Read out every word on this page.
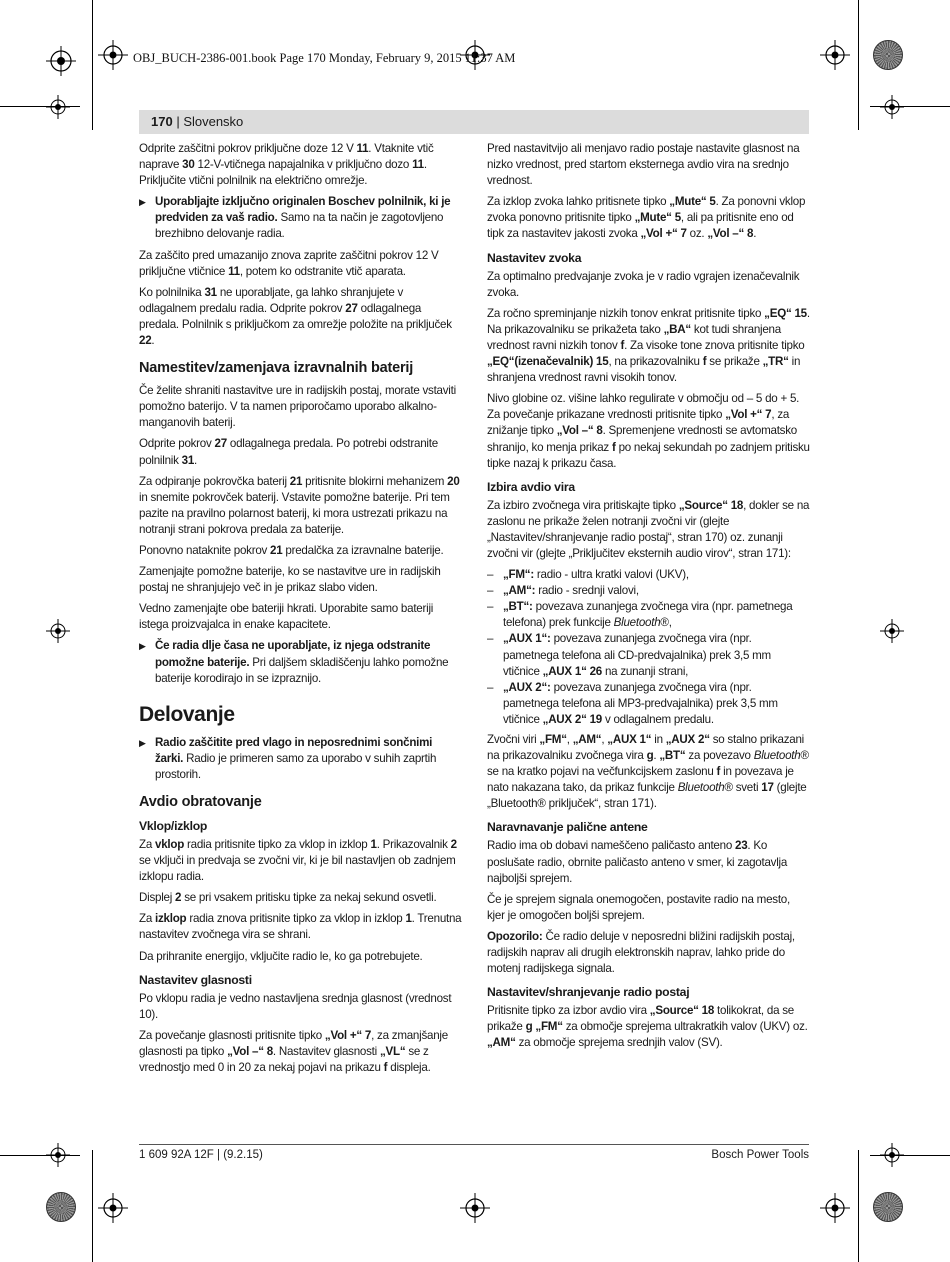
OBJ_BUCH-2386-001.book Page 170 Monday, February 9, 2015 11:37 AM
170 | Slovensko

Odprite zaščitni pokrov priključne doze 12 V 11. Vtaknite vtič naprave 30 12-V-vtičnega napajalnika v priključno dozo 11. Priključite vtični polnilnik na električno omrežje.

▶ Uporabljajte izključno originalen Boschev polnilnik, ki je predviden za vaš radio. Samo na ta način je zagotovljeno brezhibno delovanje radia.

Za zaščito pred umazanijo znova zaprite zaščitni pokrov 12 V priključne vtičnice 11, potem ko odstranite vtič aparata.

Ko polnilnika 31 ne uporabljate, ga lahko shranjujete v odlagalnem predalu radia. Odprite pokrov 27 odlagalnega predala. Polnilnik s priključkom za omrežje položite na priključek 22.

Namestitev/zamenjava izravnalnih baterij

Če želite shraniti nastavitve ure in radijskih postaj, morate vstaviti pomožno baterijo. V ta namen priporočamo uporabo alkalno-manganovih baterij.

Odprite pokrov 27 odlagalnega predala. Po potrebi odstranite polnilnik 31.

Za odpiranje pokrovčka baterij 21 pritisnite blokirni mehanizem 20 in snemite pokrovček baterij. Vstavite pomožne baterije. Pri tem pazite na pravilno polarnost baterij, ki mora ustrezati prikazu na notranji strani pokrova predala za baterije.

Ponovno nataknite pokrov 21 predalčka za izravnalne baterije.

Zamenjajte pomožne baterije, ko se nastavitve ure in radijskih postaj ne shranjujejo več in je prikaz slabo viden.

Vedno zamenjajte obe bateriji hkrati. Uporabite samo bateriji istega proizvajalca in enake kapacitete.

▶ Če radia dlje časa ne uporabljate, iz njega odstranite pomožne baterije. Pri daljšem skladiščenju lahko pomožne baterije korodirajo in se izpraznijo.

Delovanje

▶ Radio zaščitite pred vlago in neposrednimi sončnimi žarki. Radio je primeren samo za uporabo v suhih zaprtih prostorih.

Avdio obratovanje
Vklop/izklop

Za vklop radia pritisnite tipko za vklop in izklop 1. Prikazovalnik 2 se vključi in predvaja se zvočni vir, ki je bil nastavljen ob zadnjem izklopu radia.

Displej 2 se pri vsakem pritisku tipke za nekaj sekund osvetli.

Za izklop radia znova pritisnite tipko za vklop in izklop 1. Trenutna nastavitev zvočnega vira se shrani.

Da prihranite energijo, vključite radio le, ko ga potrebujete.

Nastavitev glasnosti

Po vklopu radia je vedno nastavljena srednja glasnost (vrednost 10).

Za povečanje glasnosti pritisnite tipko „Vol +“ 7, za zmanjšanje glasnosti pa tipko „Vol –“ 8. Nastavitev glasnosti „VL“ se z vrednostjo med 0 in 20 za nekaj pojavi na prikazu f displeja.

Pred nastavitvijo ali menjavo radio postaje nastavite glasnost na nizko vrednost, pred startom eksternega avdio vira na srednjo vrednost.

Za izklop zvoka lahko pritisnete tipko „Mute“ 5. Za ponovni vklop zvoka ponovno pritisnite tipko „Mute“ 5, ali pa pritisnite eno od tipk za nastavitev jakosti zvoka „Vol +“ 7 oz. „Vol –“ 8.

Nastavitev zvoka

Za optimalno predvajanje zvoka je v radio vgrajen izenačevalnik zvoka.

Za ročno spreminjanje nizkih tonov enkrat pritisnite tipko „EQ“ 15. Na prikazovalniku se prikažeta tako „BA“ kot tudi shranjena vrednost ravni nizkih tonov f. Za visoke tone znova pritisnite tipko „EQ“(izenačevalnik) 15, na prikazovalniku f se prikaže „TR“ in shranjena vrednost ravni visokih tonov.

Nivo globine oz. višine lahko regulirate v območju od – 5 do + 5. Za povečanje prikazane vrednosti pritisnite tipko „Vol +“ 7, za znižanje tipko „Vol –“ 8. Spremenjene vrednosti se avtomatsko shranijo, ko menja prikaz f po nekaj sekundah po zadnjem pritisku tipke nazaj k prikazu časa.

Izbira avdio vira

Za izbiro zvočnega vira pritiskajte tipko „Source“ 18, dokler se na zaslonu ne prikaže želen notranji zvočni vir (glejte „Nastavitev/shranjevanje radio postaj“, stran 170) oz. zunanji zvočni vir (glejte „Priključitev eksternih audio virov“, stran 171):

– „FM“: radio - ultra kratki valovi (UKV),
– „AM“: radio - srednji valovi,
– „BT“: povezava zunanjega zvočnega vira (npr. pametnega telefona) prek funkcije Bluetooth®,
– „AUX 1“: povezava zunanjega zvočnega vira (npr. pametnega telefona ali CD-predvajalnika) prek 3,5 mm vtičnice „AUX 1“ 26 na zunanji strani,
– „AUX 2“: povezava zunanjega zvočnega vira (npr. pametnega telefona ali MP3-predvajalnika) prek 3,5 mm vtičnice „AUX 2“ 19 v odlagalnem predalu.

Zvočni viri „FM“, „AM“, „AUX 1“ in „AUX 2“ so stalno prikazani na prikazovalniku zvočnega vira g. „BT“ za povezavo Bluetooth® se na kratko pojavi na večfunkcijskem zaslonu f in povezava je nato nakazana tako, da prikaz funkcije Bluetooth® sveti 17 (glejte „Bluetooth® priključek“, stran 171).

Naravnavanje palične antene

Radio ima ob dobavi nameščeno paličasto anteno 23. Ko poslušate radio, obrnite paličasto anteno v smer, ki zagotavlja najboljši sprejem.

Če je sprejem signala onemogočen, postavite radio na mesto, kjer je omogočen boljši sprejem.

Opozorilo: Če radio deluje v neposredni bližini radijskih postaj, radijskih naprav ali drugih elektronskih naprav, lahko pride do motenj radijskega signala.

Nastavitev/shranjevanje radio postaj

Pritisnite tipko za izbor avdio vira „Source“ 18 tolikokrat, da se prikaže g „FM“ za območje sprejema ultrakratkih valov (UKV) oz. „AM“ za območje sprejema srednjih valov (SV).

1 609 92A 12F | (9.2.15)	Bosch Power Tools
